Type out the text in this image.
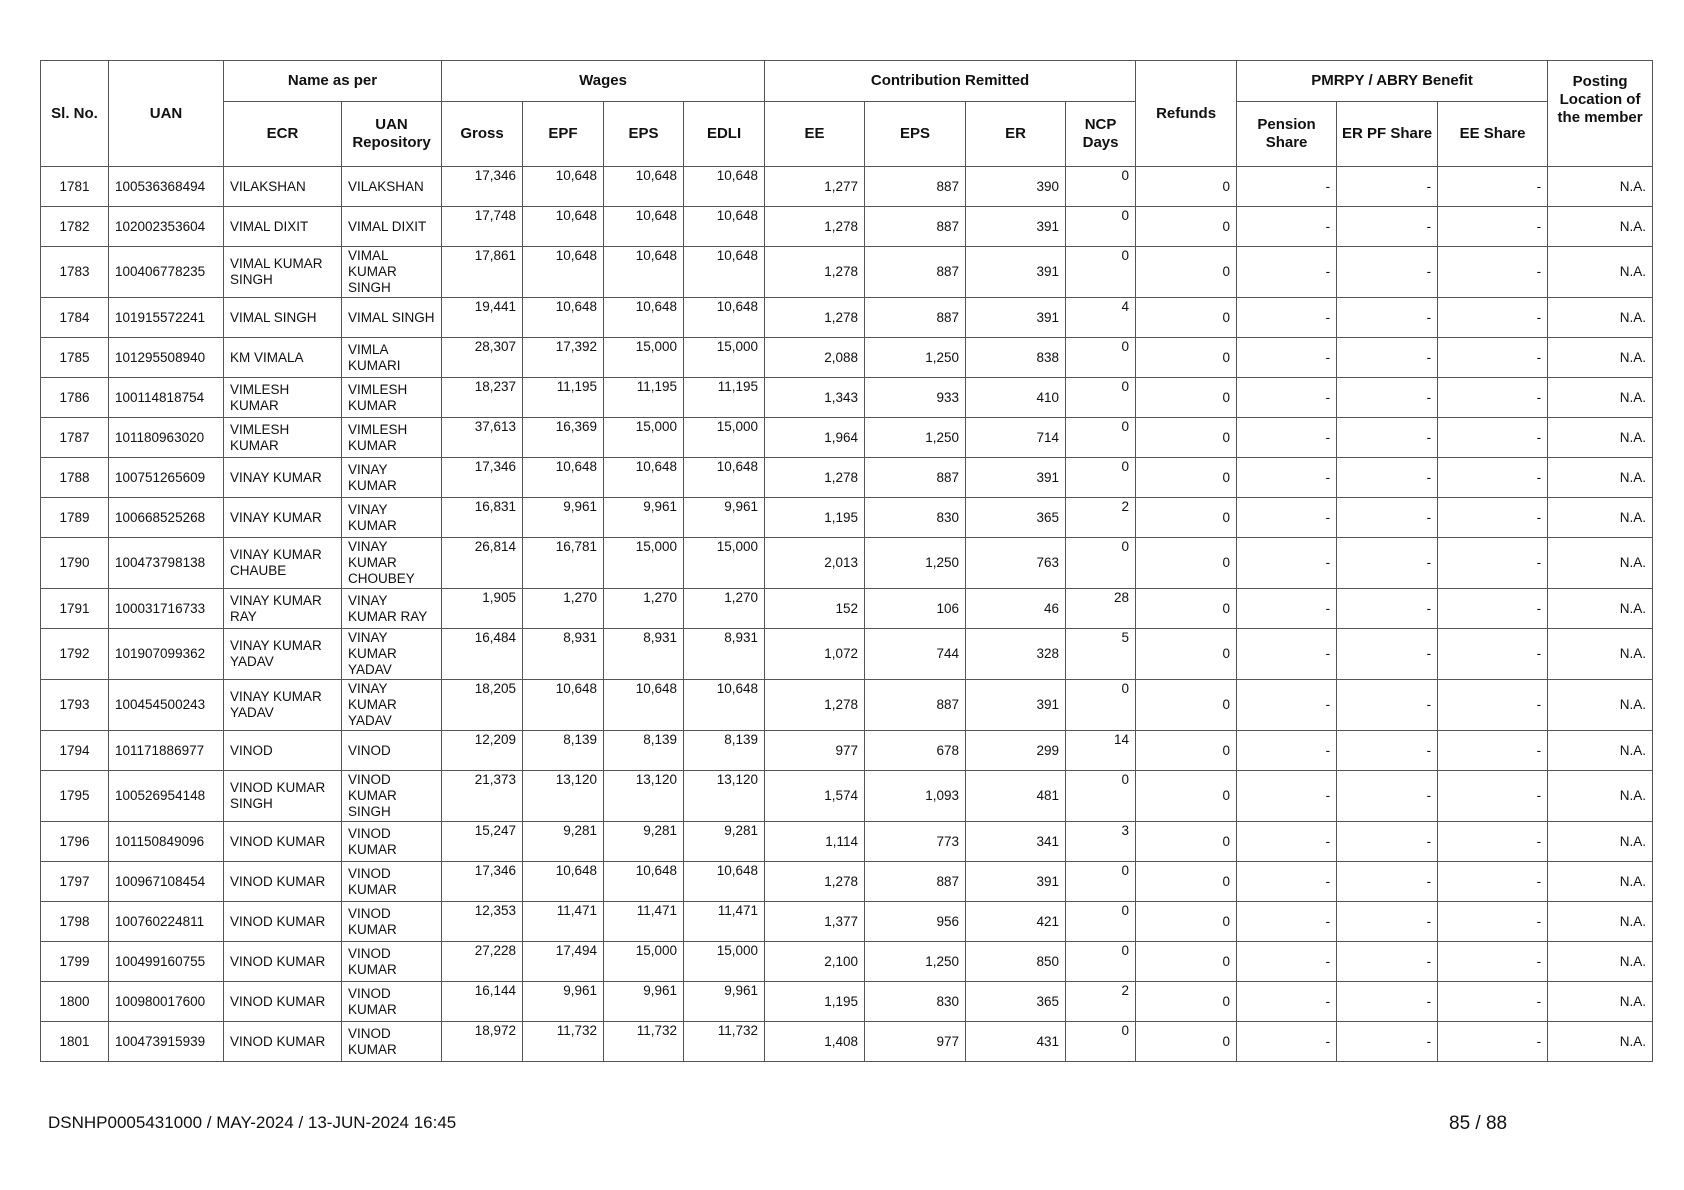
Sl. No.	UAN	Name as per		Wages				Contribution Remitted				Refunds	PMRPY / ABRY Benefit			Posting Location of the member
		ECR	UAN Repository	Gross	EPF	EPS	EDLI	EE	EPS	ER	NCP Days		Pension Share	ER PF Share	EE Share	
1781	100536368494	VILAKSHAN	VILAKSHAN	17,346	10,648	10,648	10,648	1,277	887	390	0	0	-	-	-	N.A.
1782	102002353604	VIMAL DIXIT	VIMAL DIXIT	17,748	10,648	10,648	10,648	1,278	887	391	0	0	-	-	-	N.A.
1783	100406778235	VIMAL KUMAR SINGH	VIMAL KUMAR SINGH	17,861	10,648	10,648	10,648	1,278	887	391	0	0	-	-	-	N.A.
1784	101915572241	VIMAL SINGH	VIMAL SINGH	19,441	10,648	10,648	10,648	1,278	887	391	4	0	-	-	-	N.A.
1785	101295508940	KM VIMALA	VIMLA KUMARI	28,307	17,392	15,000	15,000	2,088	1,250	838	0	0	-	-	-	N.A.
1786	100114818754	VIMLESH KUMAR	VIMLESH KUMAR	18,237	11,195	11,195	11,195	1,343	933	410	0	0	-	-	-	N.A.
1787	101180963020	VIMLESH KUMAR	VIMLESH KUMAR	37,613	16,369	15,000	15,000	1,964	1,250	714	0	0	-	-	-	N.A.
1788	100751265609	VINAY KUMAR	VINAY KUMAR	17,346	10,648	10,648	10,648	1,278	887	391	0	0	-	-	-	N.A.
1789	100668525268	VINAY KUMAR	VINAY KUMAR	16,831	9,961	9,961	9,961	1,195	830	365	2	0	-	-	-	N.A.
1790	100473798138	VINAY KUMAR CHAUBE	VINAY KUMAR CHOUBEY	26,814	16,781	15,000	15,000	2,013	1,250	763	0	0	-	-	-	N.A.
1791	100031716733	VINAY KUMAR RAY	VINAY KUMAR RAY	1,905	1,270	1,270	1,270	152	106	46	28	0	-	-	-	N.A.
1792	101907099362	VINAY KUMAR YADAV	VINAY KUMAR YADAV	16,484	8,931	8,931	8,931	1,072	744	328	5	0	-	-	-	N.A.
1793	100454500243	VINAY KUMAR YADAV	VINAY KUMAR YADAV	18,205	10,648	10,648	10,648	1,278	887	391	0	0	-	-	-	N.A.
1794	101171886977	VINOD	VINOD	12,209	8,139	8,139	8,139	977	678	299	14	0	-	-	-	N.A.
1795	100526954148	VINOD KUMAR SINGH	VINOD KUMAR SINGH	21,373	13,120	13,120	13,120	1,574	1,093	481	0	0	-	-	-	N.A.
1796	101150849096	VINOD KUMAR	VINOD KUMAR	15,247	9,281	9,281	9,281	1,114	773	341	3	0	-	-	-	N.A.
1797	100967108454	VINOD KUMAR	VINOD KUMAR	17,346	10,648	10,648	10,648	1,278	887	391	0	0	-	-	-	N.A.
1798	100760224811	VINOD KUMAR	VINOD KUMAR	12,353	11,471	11,471	11,471	1,377	956	421	0	0	-	-	-	N.A.
1799	100499160755	VINOD KUMAR	VINOD KUMAR	27,228	17,494	15,000	15,000	2,100	1,250	850	0	0	-	-	-	N.A.
1800	100980017600	VINOD KUMAR	VINOD KUMAR	16,144	9,961	9,961	9,961	1,195	830	365	2	0	-	-	-	N.A.
1801	100473915939	VINOD KUMAR	VINOD KUMAR	18,972	11,732	11,732	11,732	1,408	977	431	0	0	-	-	-	N.A.
DSNHP0005431000 / MAY-2024 / 13-JUN-2024 16:45	85 / 88
